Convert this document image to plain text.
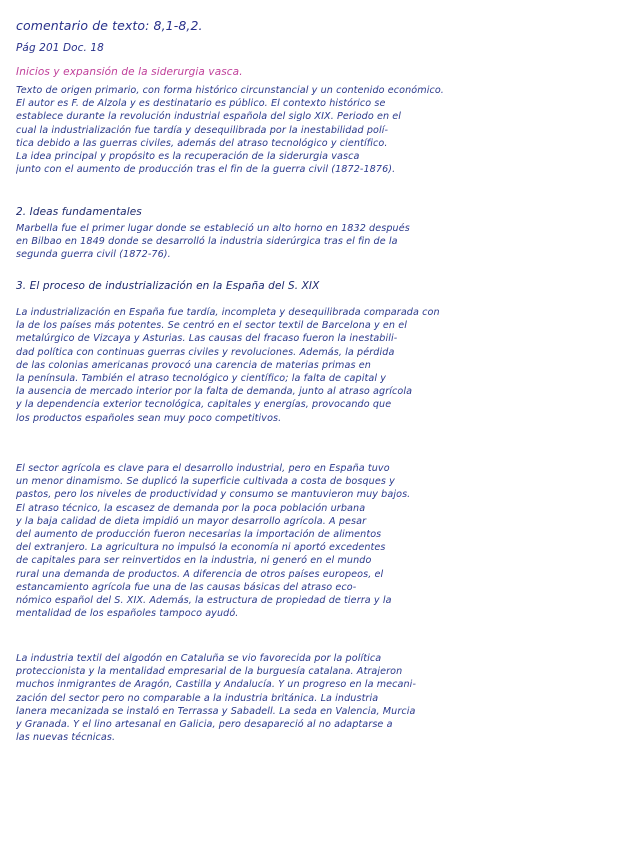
comentario de texto: 8,1-8,2.
Pág 201 Doc. 18
Inicios y expansión de la siderurgia vasca.
Texto de origen primario, con forma histórico circunstancial y un contenido económico.
El autor es F. de Alzola y es destinatario es público. El contexto histórico se
establece durante la revolución industrial española del siglo XIX. Periodo en el
cual la industrialización fue tardía y desequilibrada por la inestabilidad polí-
tica debido a las guerras civiles, además del atraso tecnológico y científico.
La idea principal y propósito es la recuperación de la siderurgia vasca
junto con el aumento de producción tras el fin de la guerra civil (1872-1876).
2. Ideas fundamentales
Marbella fue el primer lugar donde se estableció un alto horno en 1832 después
en Bilbao en 1849 donde se desarrolló la industria siderúrgica tras el fin de la
segunda guerra civil (1872-76).
3. El proceso de industrialización en la España del S. XIX
La industrialización en España fue tardía, incompleta y desequilibrada comparada con
la de los países más potentes. Se centró en el sector textil de Barcelona y en el
metalúrgico de Vizcaya y Asturias. Las causas del fracaso fueron la inestabili-
dad política con continuas guerras civiles y revoluciones. Además, la pérdida
de las colonias americanas provocó una carencia de materias primas en
la península. También el atraso tecnológico y científico; la falta de capital y
la ausencia de mercado interior por la falta de demanda, junto al atraso agrícola
y la dependencia exterior tecnológica, capitales y energías, provocando que
los productos españoles sean muy poco competitivos.
El sector agrícola es clave para el desarrollo industrial, pero en España tuvo
un menor dinamismo. Se duplicó la superficie cultivada a costa de bosques y
pastos, pero los niveles de productividad y consumo se mantuvieron muy bajos.
El atraso técnico, la escasez de demanda por la poca población urbana
y la baja calidad de dieta impidió un mayor desarrollo agrícola. A pesar
del aumento de producción fueron necesarias la importación de alimentos
del extranjero. La agricultura no impulsó la economía ni aportó excedentes
de capitales para ser reinvertidos en la industria, ni generó en el mundo
rural una demanda de productos. A diferencia de otros países europeos, el
estancamiento agrícola fue una de las causas básicas del atraso eco-
nómico español del S. XIX. Además, la estructura de propiedad de tierra y la
mentalidad de los españoles tampoco ayudó.
La industria textil del algodón en Cataluña se vio favorecida por la política
proteccionista y la mentalidad empresarial de la burguesía catalana. Atrajeron
muchos inmigrantes de Aragón, Castilla y Andalucía. Y un progreso en la mecani-
zación del sector pero no comparable a la industria británica. La industria
lanera mecanizada se instaló en Terrassa y Sabadell. La seda en Valencia, Murcia
y Granada. Y el lino artesanal en Galicia, pero desapareció al no adaptarse a
las nuevas técnicas.
